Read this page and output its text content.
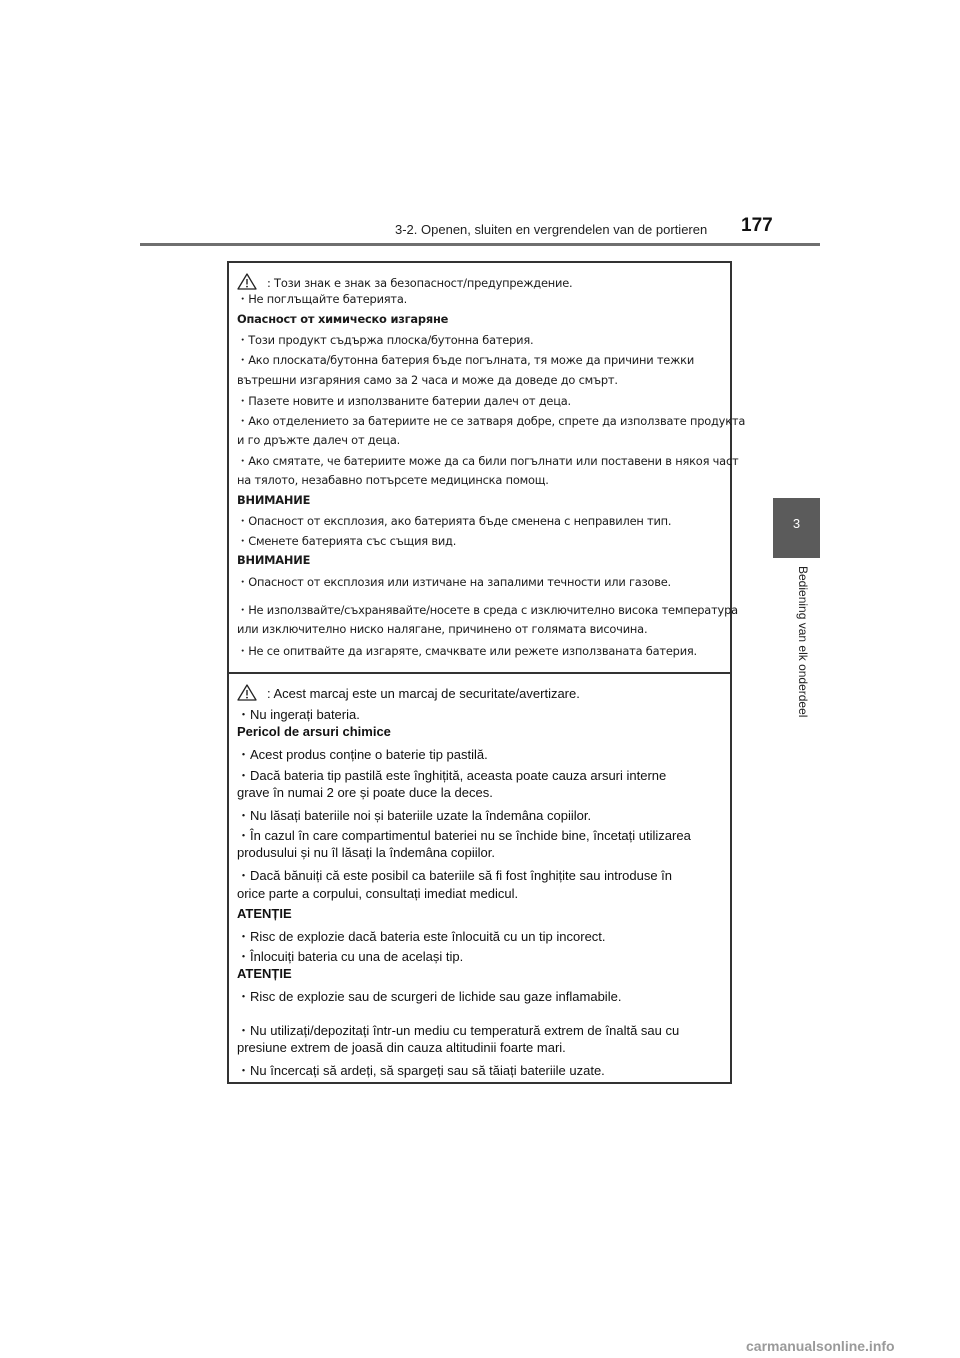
3-2. Openen, sluiten en vergrendelen van de portieren 177
3
Bediening van elk onderdeel
: Този знак е знак за безопасност/предупреждение.
・Не поглъщайте батерията.
Опасност от химическо изгаряне
・Този продукт съдържа плоска/бутонна батерия.
・Ако плоската/бутонна батерия бъде погълната, тя може да причини тежки
вътрешни изгаряния само за 2 часа и може да доведе до смърт.
・Пазете новите и използваните батерии далеч от деца.
・Ако отделението за батериите не се затваря добре, спрете да използвате продукта
и го дръжте далеч от деца.
・Ако смятате, че батериите може да са били погълнати или поставени в някоя част
на тялото, незабавно потърсете медицинска помощ.
ВНИМАНИЕ
・Опасност от експлозия, ако батерията бъде сменена с неправилен тип.
・Сменете батерията със същия вид.
ВНИМАНИЕ
・Опасност от експлозия или изтичане на запалими течности или газове.
・Не използвайте/съхранявайте/носете в среда с изключително висока температура
или изключително ниско налягане, причинено от голямата височина.
・Не се опитвайте да изгаряте, смачквате или режете използваната батерия.
: Acest marcaj este un marcaj de securitate/avertizare.
・Nu ingerați bateria.
Pericol de arsuri chimice
・Acest produs conține o baterie tip pastilă.
・Dacă bateria tip pastilă este înghițită, aceasta poate cauza arsuri interne
grave în numai 2 ore și poate duce la deces.
・Nu lăsați bateriile noi și bateriile uzate la îndemâna copiilor.
・În cazul în care compartimentul bateriei nu se închide bine, încetați utilizarea
produsului și nu îl lăsați la îndemâna copiilor.
・Dacă bănuiți că este posibil ca bateriile să fi fost înghițite sau introduse în
orice parte a corpului, consultați imediat medicul.
ATENȚIE
・Risc de explozie dacă bateria este înlocuită cu un tip incorect.
・Înlocuiți bateria cu una de același tip.
ATENȚIE
・Risc de explozie sau de scurgeri de lichide sau gaze inflamabile.
・Nu utilizați/depozitați într-un mediu cu temperatură extrem de înaltă sau cu
presiune extrem de joasă din cauza altitudinii foarte mari.
・Nu încercați să ardeți, să spargeți sau să tăiați bateriile uzate.
carmanualsonline.info
